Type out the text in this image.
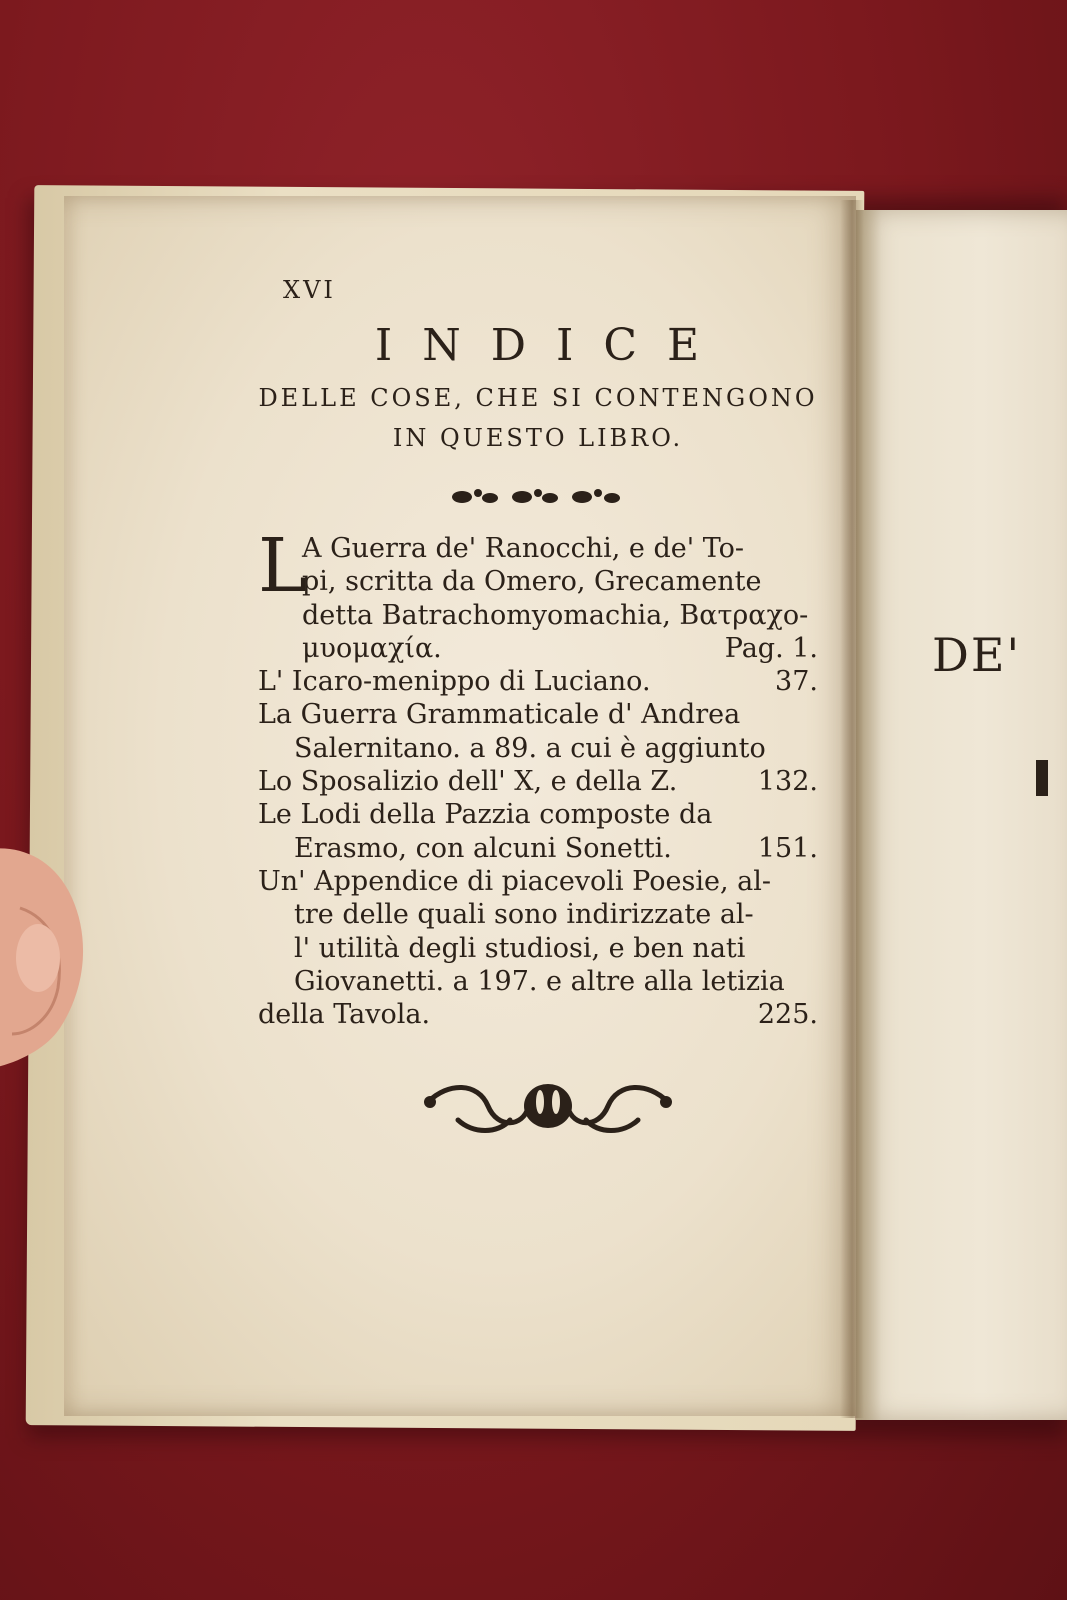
XVI
INDICE
DELLE COSE, CHE SI CONTENGONO
IN QUESTO LIBRO.
L
A Guerra de' Ranocchi, e de' To-
pi, scritta da Omero, Grecamente
detta Batrachomyomachia, Βατραχο-
μυομαχία.	Pag. 1.
L' Icaro-menippo di Luciano.	37.
La Guerra Grammaticale d' Andrea
Salernitano. a 89. a cui è aggiunto
Lo Sposalizio dell' X, e della Z.	132.
Le Lodi della Pazzia composte da
Erasmo, con alcuni Sonetti.	151.
Un' Appendice di piacevoli Poesie, al-
tre delle quali sono indirizzate al-
l' utilità degli studiosi, e ben nati
Giovanetti. a 197. e altre alla letizia
della Tavola.	225.
DE'
